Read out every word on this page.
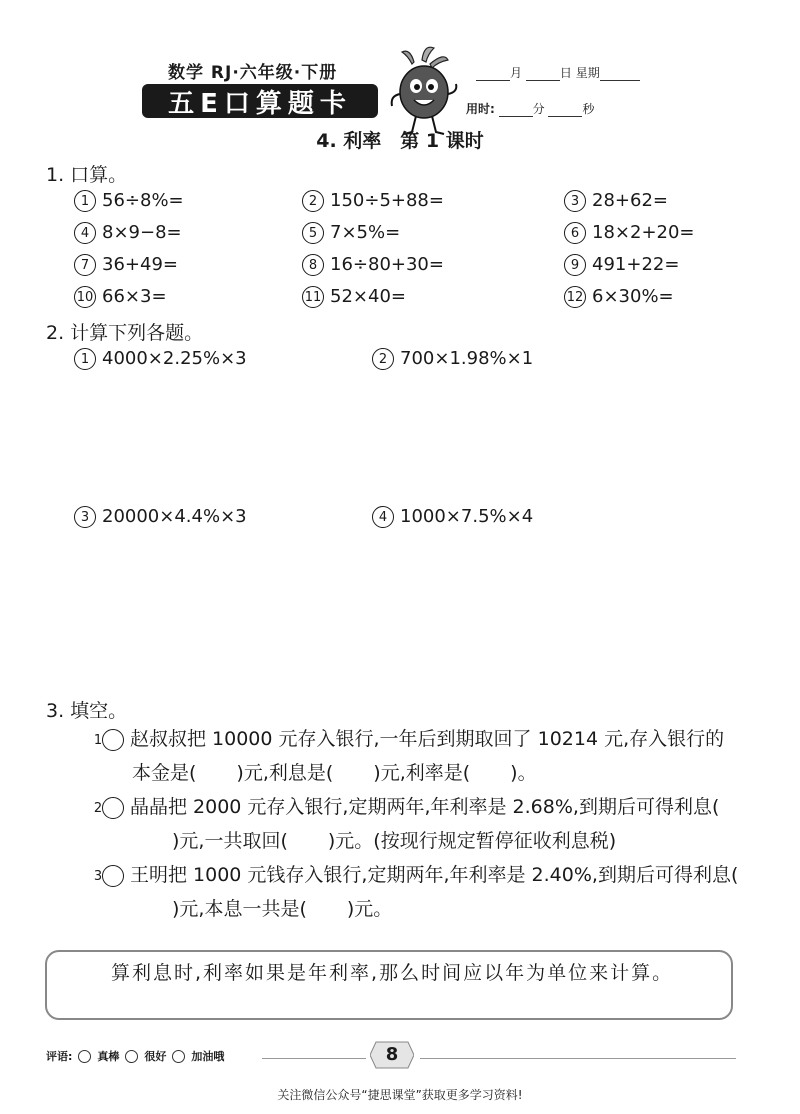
数学 RJ·六年级·下册
五E口算题卡
月	日 星期
用时:	分	秒
4. 利率　第 1 课时
1. 口算。
1 56÷8%=	2 150÷5+88=	3 28+62=
4 8×9−8=	5 7×5%=	6 18×2+20=
7 36+49=	8 16÷80+30=	9 491+22=
10 66×3=	11 52×40=	12 6×30%=
2. 计算下列各题。
1 4000×2.25%×3	2 700×1.98%×1
3 20000×4.4%×3	4 1000×7.5%×4
3. 填空。

1 赵叔叔把 10000 元存入银行,一年后到期取回了 10214 元,存入银行的本金是( )元,利息是( )元,利率是( )。

2 晶晶把 2000 元存入银行,定期两年,年利率是 2.68%,到期后可得利息()元,一共取回( )元。(按现行规定暂停征收利息税)

3 王明把 1000 元钱存入银行,定期两年,年利率是 2.40%,到期后可得利息()元,本息一共是( )元。

算利息时,利率如果是年利率,那么时间应以年为单位来计算。
评语: 真棒 很好 加油哦	8
关注微信公众号“捷思课堂”获取更多学习资料!
